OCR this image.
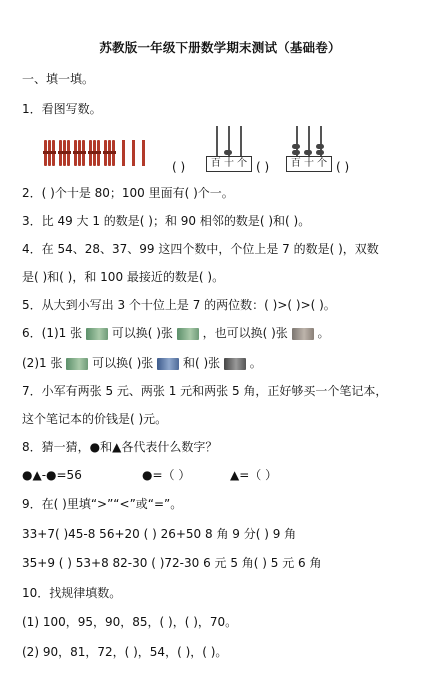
苏教版一年级下册数学期末测试（基础卷）
一、填一填。
1．看图写数。
( )	百 十 个 ( )	百 十 个 ( )
2．( )个十是 80；100 里面有( )个一。
3．比 49 大 1 的数是( )；和 90 相邻的数是( )和( )。
4．在 54、28、37、99 这四个数中，个位上是 7 的数是( )，双数
是( )和( )，和 100 最接近的数是( )。
5．从大到小写出 3 个十位上是 7 的两位数：( )>( )>( )。
6．(1)1 张 可以换( )张 ，也可以换( )张 。
(2)1 张 可以换( )张 和( )张 。
7．小军有两张 5 元、两张 1 元和两张 5 角，正好够买一个笔记本，
这个笔记本的价钱是( )元。
8．猜一猜，●和▲各代表什么数字？
●▲-●=56	●=（ ）	▲=（ ）
9．在( )里填“>”“<”或“=”。
33+7( )45-8 56+20 ( ) 26+50 8 角 9 分( ) 9 角
35+9 ( ) 53+8 82-30 ( )72-30 6 元 5 角( ) 5 元 6 角
10．找规律填数。
(1) 100，95，90，85，( )，( )，70。
(2) 90，81，72，( )，54，( )，( )。
